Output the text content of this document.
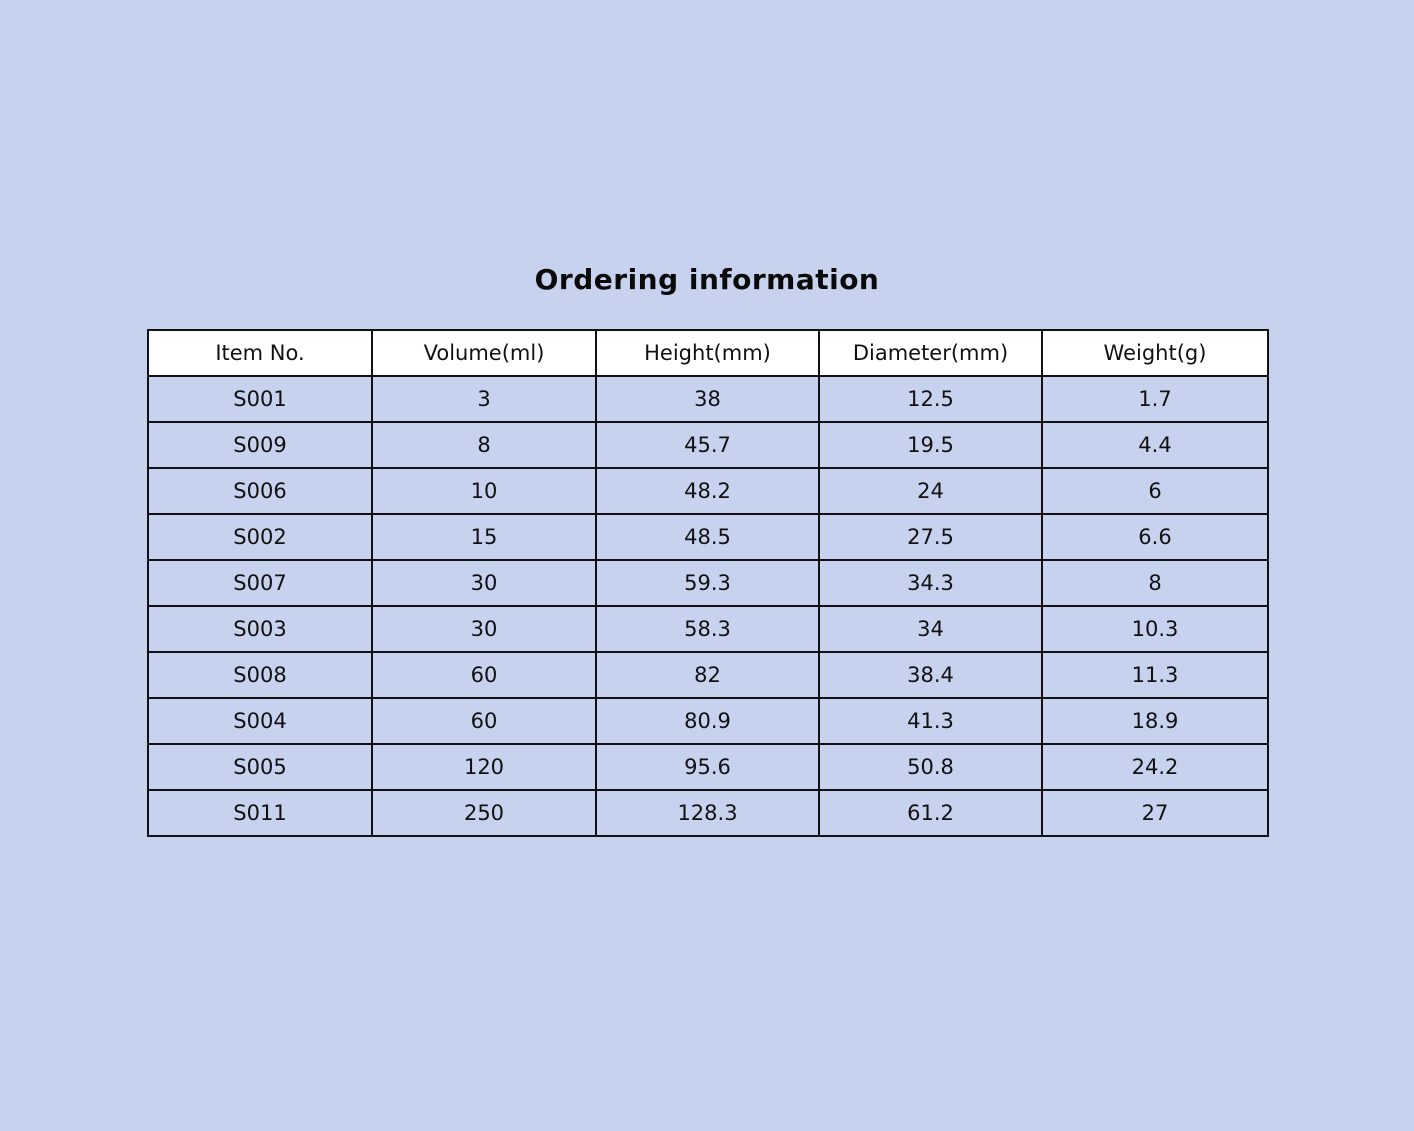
Ordering information
Item No.	Volume(ml)	Height(mm)	Diameter(mm)	Weight(g)
S001	3	38	12.5	1.7
S009	8	45.7	19.5	4.4
S006	10	48.2	24	6
S002	15	48.5	27.5	6.6
S007	30	59.3	34.3	8
S003	30	58.3	34	10.3
S008	60	82	38.4	11.3
S004	60	80.9	41.3	18.9
S005	120	95.6	50.8	24.2
S011	250	128.3	61.2	27
